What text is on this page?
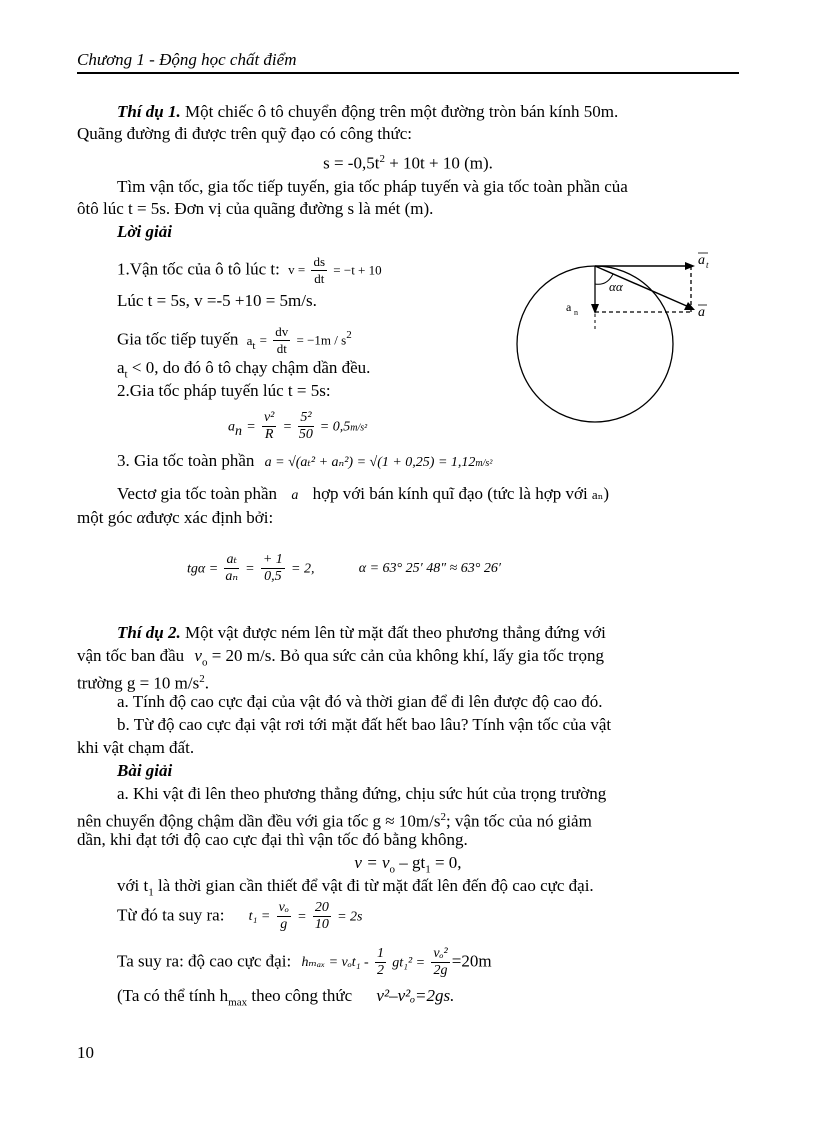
Chương 1 - Động học chất điểm
Thí dụ 1. Một chiếc ô tô chuyển động trên một đường tròn bán kính 50m.
Quãng đường đi được trên quỹ đạo có công thức:
$s = -0,5t^2 + 10t + 10$ (m).
Tìm vận tốc, gia tốc tiếp tuyến, gia tốc pháp tuyến và gia tốc toàn phần của
ôtô lúc t = 5s. Đơn vị của quãng đường s là mét (m).
Lời giải
1.Vận tốc của ô tô lúc t: $v = \frac{ds}{dt} = -t + 10$
Lúc t = 5s, v =-5 +10 = 5m/s.
Gia tốc tiếp tuyến $a_t = \frac{dv}{dt} = -1m / s^2$
$a_t < 0$, do đó ô tô chạy chậm dần đều.
2.Gia tốc pháp tuyến lúc t = 5s:
$a_n = \frac{\text{v²}}{R} = \frac{\text{5²}}{50} = 0,5m/s^2$
3. Gia tốc toàn phần a = √(aₜ² + aₙ²) = √(1 + 0,25) = 1,12m/s²
Vectơ gia tốc toàn phần a hợp với bán kính quĩ đạo (tức là hợp với aₙ)
một góc αđược xác định bởi:
$tg\alpha = \frac{\text{aₜ}}{\text{aₙ}} = \frac{+ 1}{0,5} = 2$,	α = 63° 25′ 48″ ≈ 63° 26′
αα
a n
a t
a
Thí dụ 2. Một vật được ném lên từ mặt đất theo phương thẳng đứng với
vận tốc ban đầu $v_o = 20$ m/s. Bỏ qua sức cản của không khí, lấy gia tốc trọng
trường g = 10 $m/s^2$.
a. Tính độ cao cực đại của vật đó và thời gian để đi lên được độ cao đó.
b. Từ độ cao cực đại vật rơi tới mặt đất hết bao lâu? Tính vận tốc của vật
khi vật chạm đất.
Bài giải
a. Khi vật đi lên theo phương thẳng đứng, chịu sức hút của trọng trường
nên chuyển động chậm dần đều với gia tốc $g \approx 10m/s^2$; vận tốc của nó giảm
dần, khi đạt tới độ cao cực đại thì vận tốc đó bằng không.
$v = v_o - gt_1 = 0$,
với $t_1$ là thời gian cần thiết để vật đi từ mặt đất lên đến độ cao cực đại.
Từ đó ta suy ra: $t_1 = \frac{\text{vₒ}}{g} = \frac{20}{10} = 2s$
Ta suy ra: độ cao cực đại: $h_{max} = v_ot_1 - \frac{1}{2} gt_1^2 = \frac{\text{vₒ²}}{2g} =20m$
(Ta có thể tính $h_{max}$ theo công thức v²–v²ₒ=2gs.
10
